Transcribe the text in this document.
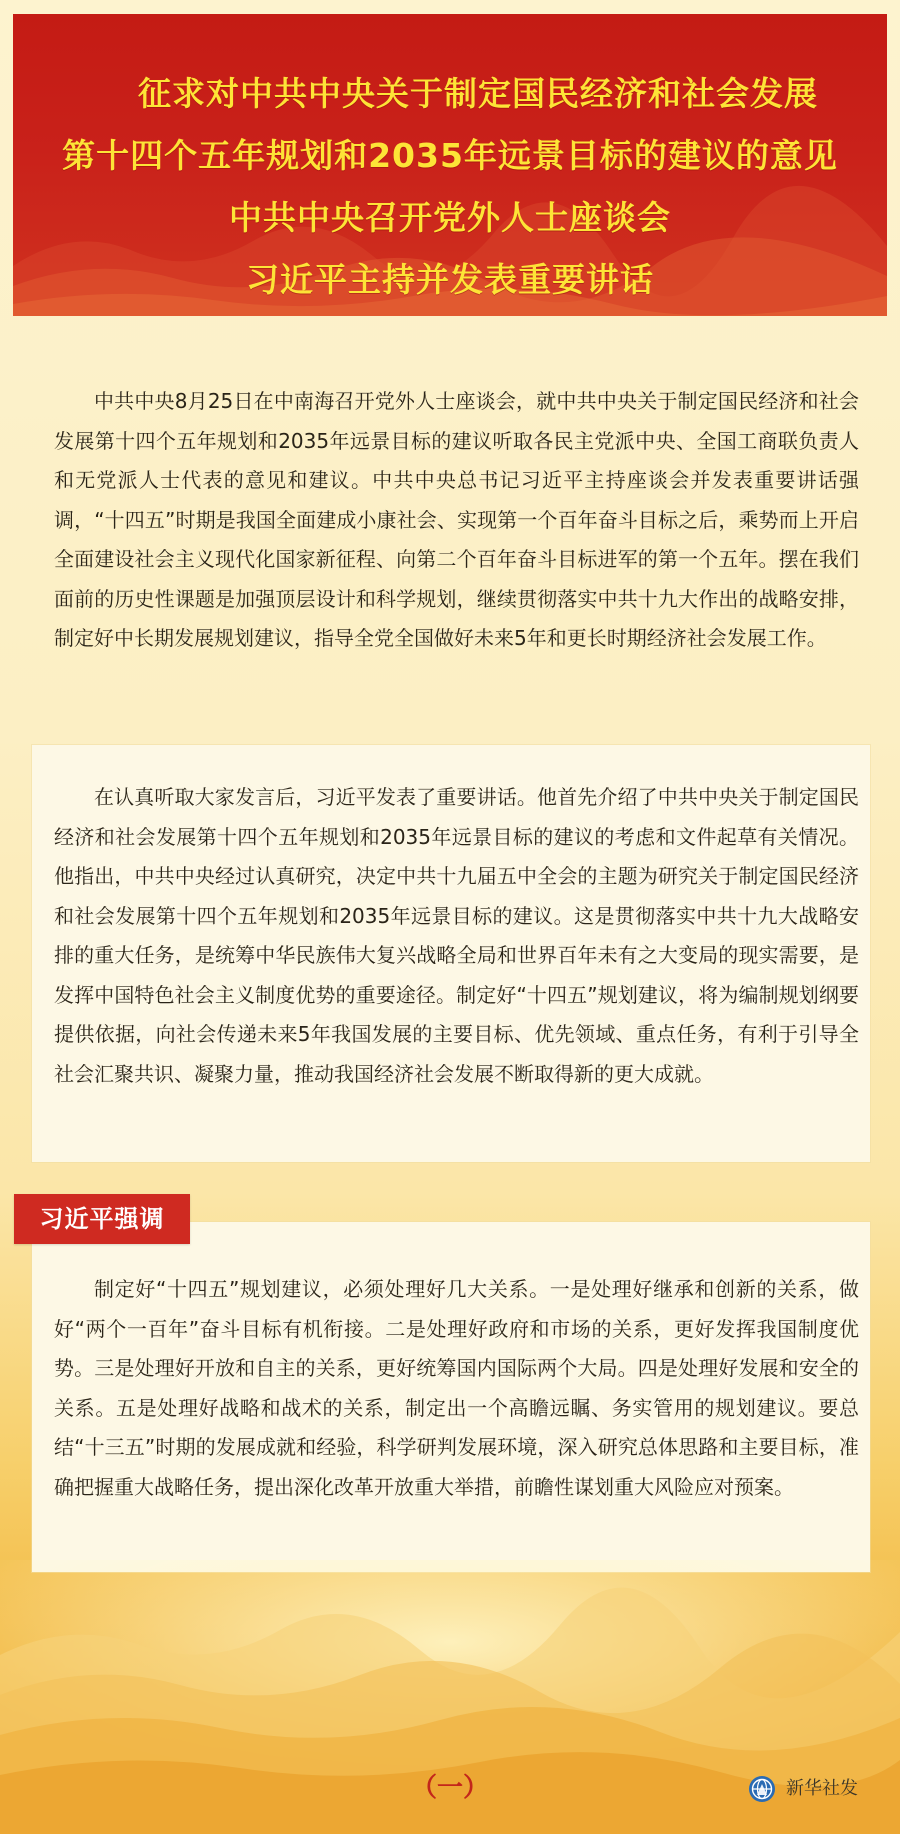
征求对中共中央关于制定国民经济和社会发展
第十四个五年规划和2035年远景目标的建议的意见
中共中央召开党外人士座谈会
习近平主持并发表重要讲话

中共中央8月25日在中南海召开党外人士座谈会，就中共中央关于制定国民经济和社会发展第十四个五年规划和2035年远景目标的建议听取各民主党派中央、全国工商联负责人和无党派人士代表的意见和建议。中共中央总书记习近平主持座谈会并发表重要讲话强调，“十四五”时期是我国全面建成小康社会、实现第一个百年奋斗目标之后，乘势而上开启全面建设社会主义现代化国家新征程、向第二个百年奋斗目标进军的第一个五年。摆在我们面前的历史性课题是加强顶层设计和科学规划，继续贯彻落实中共十九大作出的战略安排，制定好中长期发展规划建议，指导全党全国做好未来5年和更长时期经济社会发展工作。

在认真听取大家发言后，习近平发表了重要讲话。他首先介绍了中共中央关于制定国民经济和社会发展第十四个五年规划和2035年远景目标的建议的考虑和文件起草有关情况。他指出，中共中央经过认真研究，决定中共十九届五中全会的主题为研究关于制定国民经济和社会发展第十四个五年规划和2035年远景目标的建议。这是贯彻落实中共十九大战略安排的重大任务，是统筹中华民族伟大复兴战略全局和世界百年未有之大变局的现实需要，是发挥中国特色社会主义制度优势的重要途径。制定好“十四五”规划建议，将为编制规划纲要提供依据，向社会传递未来5年我国发展的主要目标、优先领域、重点任务，有利于引导全社会汇聚共识、凝聚力量，推动我国经济社会发展不断取得新的更大成就。

制定好“十四五”规划建议，必须处理好几大关系。一是处理好继承和创新的关系，做好“两个一百年”奋斗目标有机衔接。二是处理好政府和市场的关系，更好发挥我国制度优势。三是处理好开放和自主的关系，更好统筹国内国际两个大局。四是处理好发展和安全的关系。五是处理好战略和战术的关系，制定出一个高瞻远瞩、务实管用的规划建议。要总结“十三五”时期的发展成就和经验，科学研判发展环境，深入研究总体思路和主要目标，准确把握重大战略任务，提出深化改革开放重大举措，前瞻性谋划重大风险应对预案。

习近平强调
（一）	新华社发
